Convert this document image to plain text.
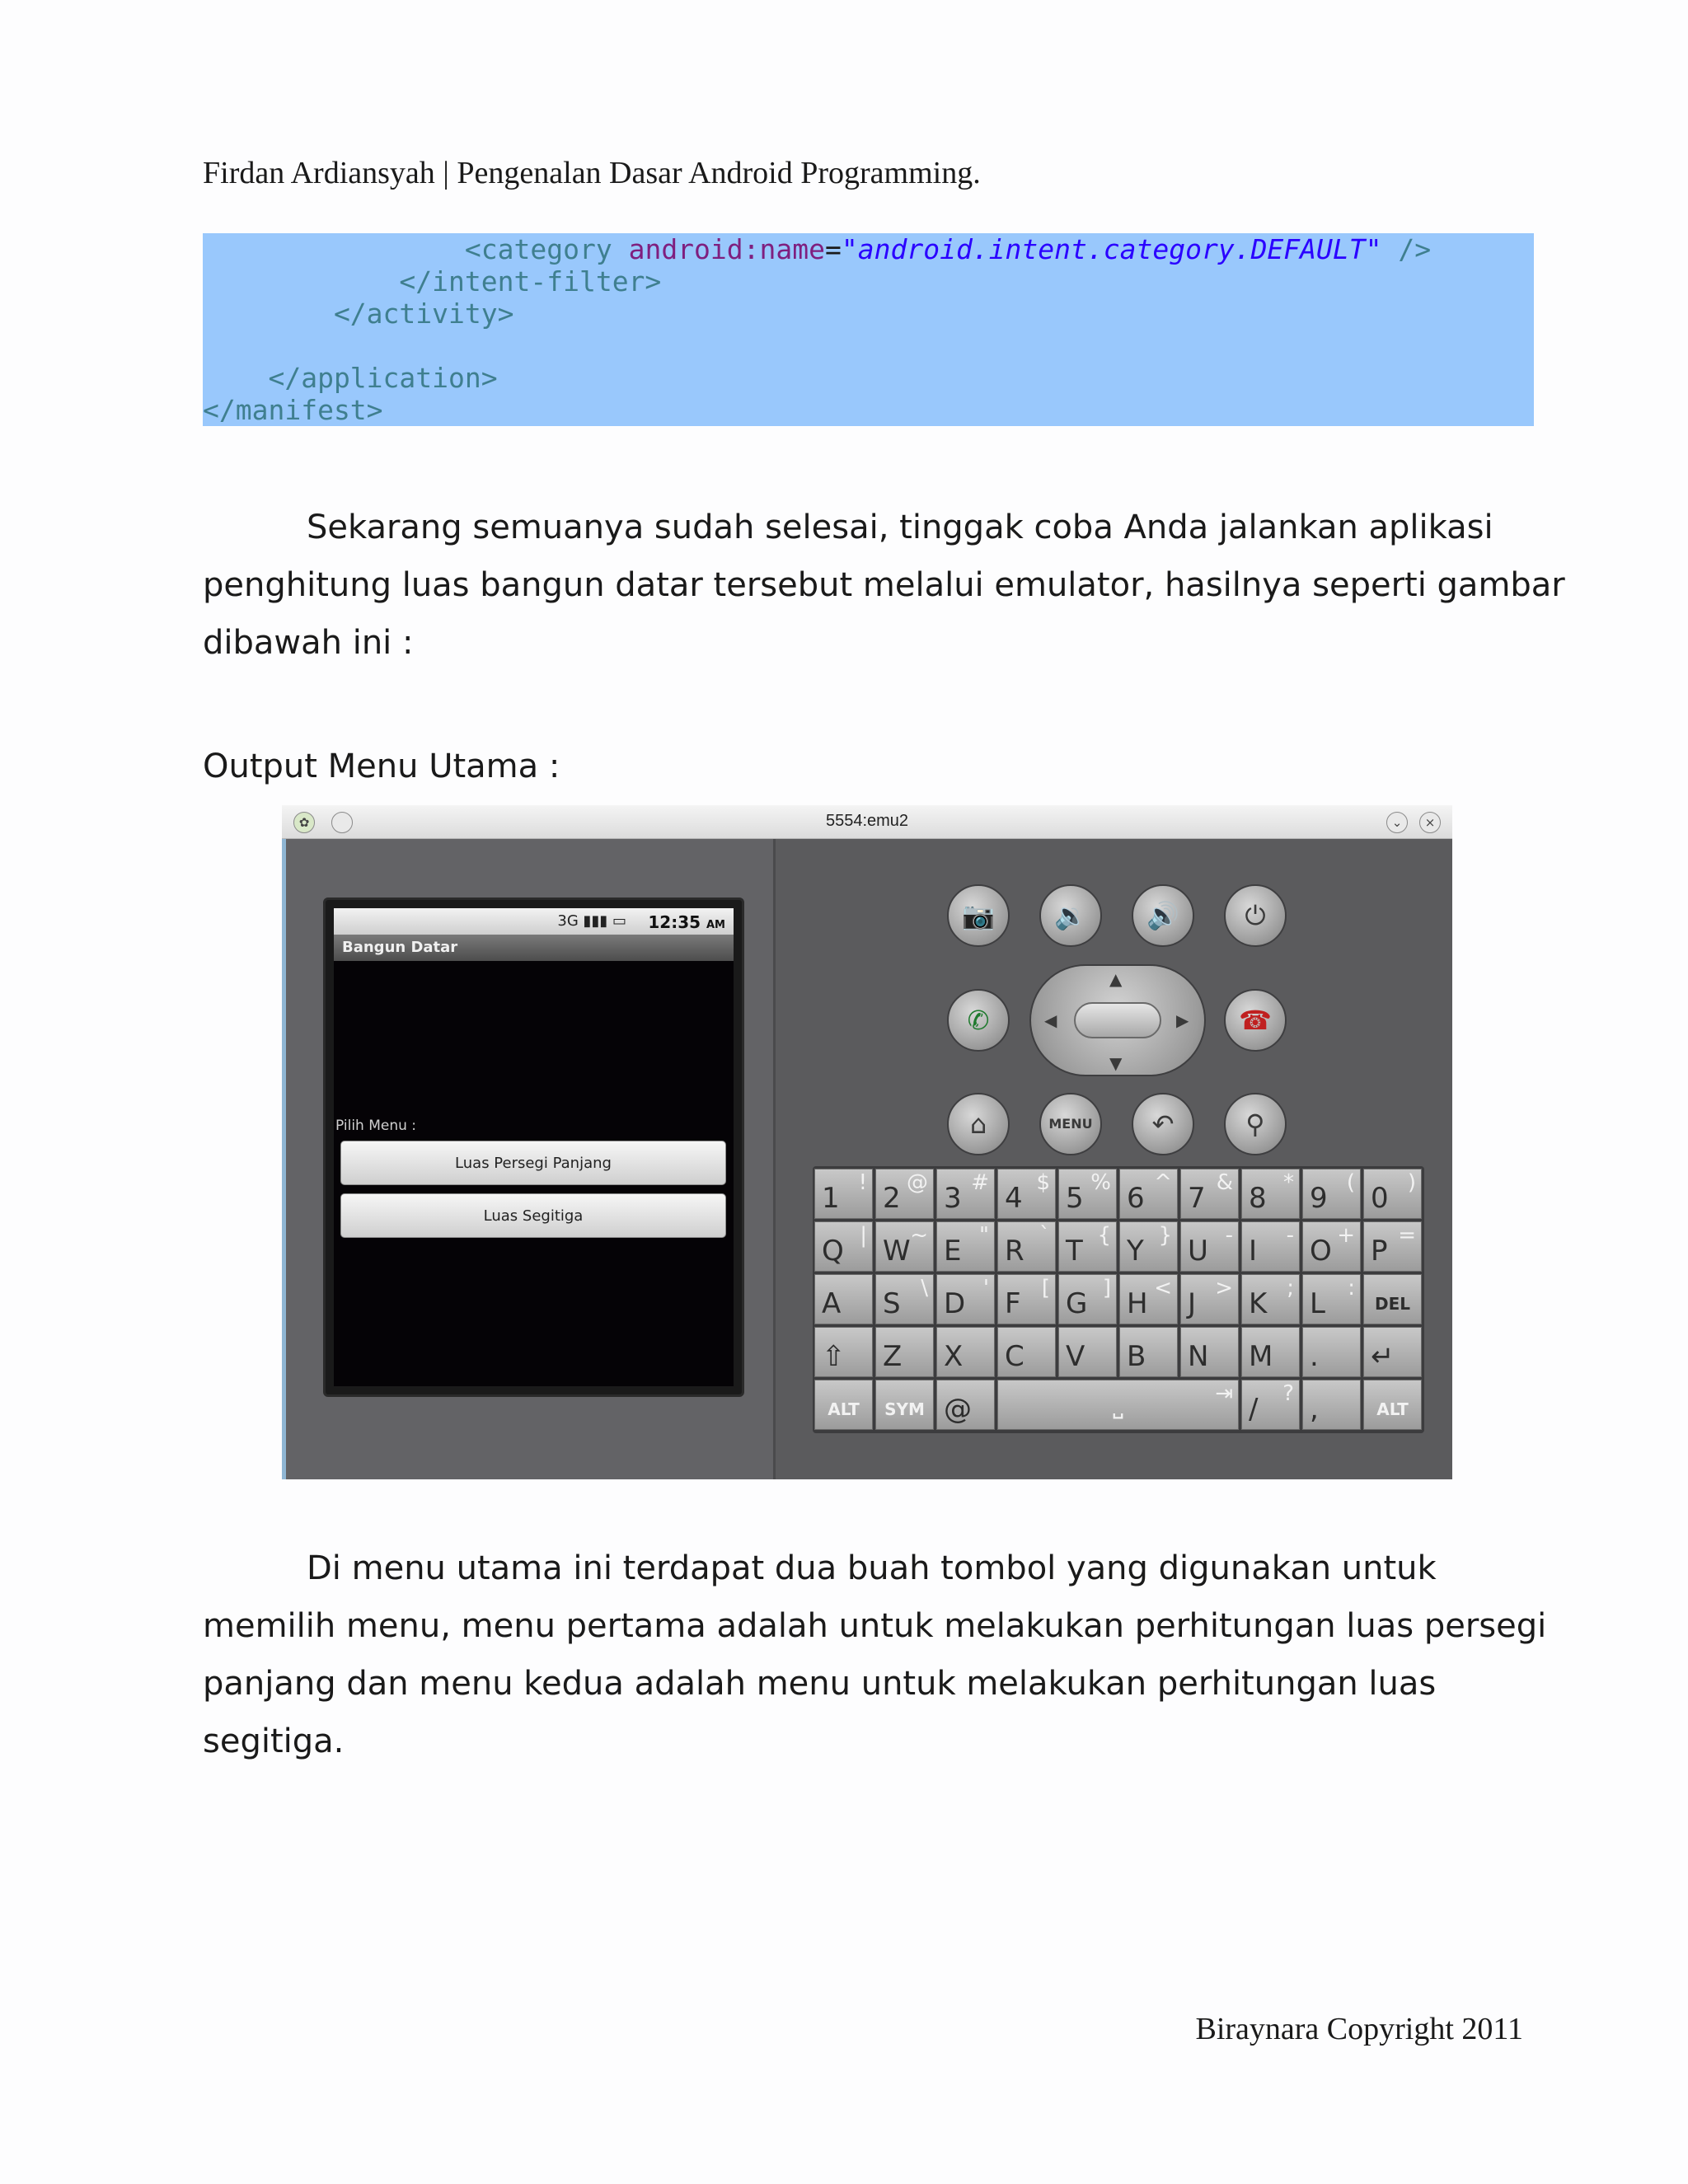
Firdan Ardiansyah | Pengenalan Dasar Android Programming.
<category android:name="android.intent.category.DEFAULT" />
</intent-filter>
</activity>
</application>
</manifest>
Sekarang semuanya sudah selesai, tinggak coba Anda jalankan aplikasi
penghitung luas bangun datar tersebut melalui emulator, hasilnya seperti gambar
dibawah ini :
Output Menu Utama :
✿	5554:emu2	⌄	×
3G ▮▮▮ ▭ 12:35 AM
Bangun Datar
Pilih Menu :
Luas Persegi Panjang
Luas Segitiga
📷	🔉	🔊	⏻
✆
▲
▼
◀	▶	☎
⌂	MENU	↶	⚲
1 ! 2 @ 3 # 4 $ 5 % 6 ^ 7 & 8 * 9 ( 0 )
Q | W ~ E " R ` T { Y } U - I - O + P =
A S \ D ' F [ G ] H < J > K ; L :
DEL
⇧ Z X C V B N M . ↵
ALT	SYM @	␣
⇥ / ? ,	ALT
Di menu utama ini terdapat dua buah tombol yang digunakan untuk
memilih menu, menu pertama adalah untuk melakukan perhitungan luas persegi
panjang dan menu kedua adalah menu untuk melakukan perhitungan luas
segitiga.
Biraynara Copyright 2011
